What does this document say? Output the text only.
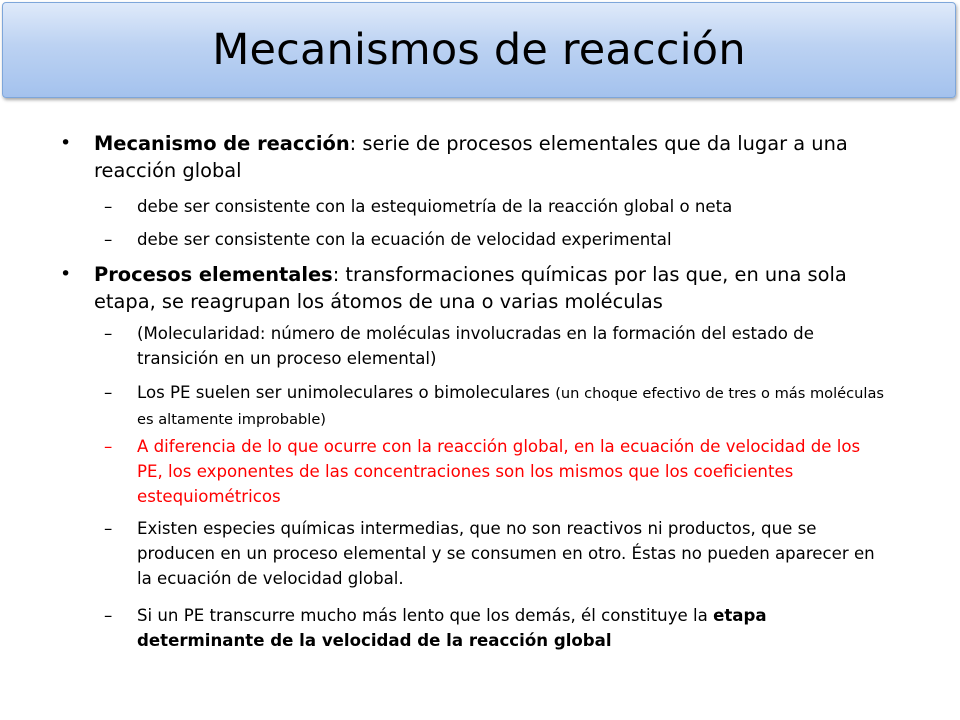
Mecanismos de reacción
• Mecanismo de reacción: serie de procesos elementales que da lugar a una reacción global
– debe ser consistente con la estequiometría de la reacción global o neta
– debe ser consistente con la ecuación de velocidad experimental
• Procesos elementales: transformaciones químicas por las que, en una sola etapa, se reagrupan los átomos de una o varias moléculas
– (Molecularidad: número de moléculas involucradas en la formación del estado de transición en un proceso elemental)
– Los PE suelen ser unimoleculares o bimoleculares (un choque efectivo de tres o más moléculas es altamente improbable)
– A diferencia de lo que ocurre con la reacción global, en la ecuación de velocidad de los PE, los exponentes de las concentraciones son los mismos que los coeficientes estequiométricos
– Existen especies químicas intermedias, que no son reactivos ni productos, que se producen en un proceso elemental y se consumen en otro. Éstas no pueden aparecer en la ecuación de velocidad global.
– Si un PE transcurre mucho más lento que los demás, él constituye la etapa determinante de la velocidad de la reacción global
